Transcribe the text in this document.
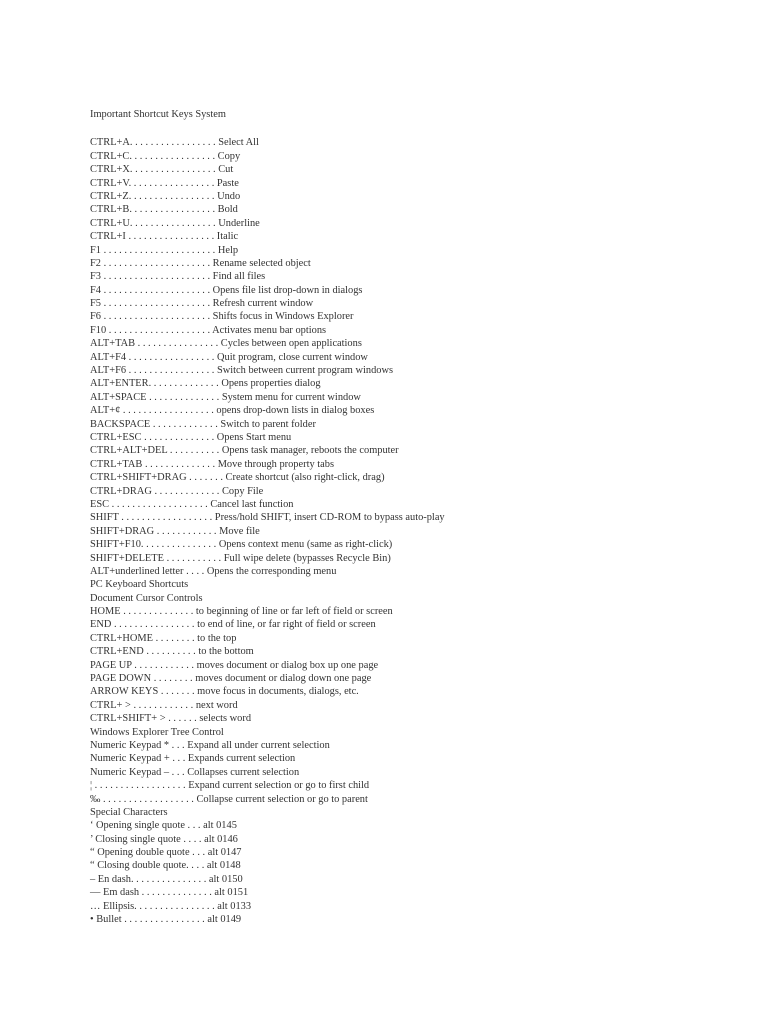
Important Shortcut Keys System
CTRL+A. . . . . . . . . . . . . . . . . Select All
CTRL+C. . . . . . . . . . . . . . . . . Copy
CTRL+X. . . . . . . . . . . . . . . . . Cut
CTRL+V. . . . . . . . . . . . . . . . . Paste
CTRL+Z. . . . . . . . . . . . . . . . . Undo
CTRL+B. . . . . . . . . . . . . . . . . Bold
CTRL+U. . . . . . . . . . . . . . . . . Underline
CTRL+I . . . . . . . . . . . . . . . . . Italic
F1 . . . . . . . . . . . . . . . . . . . . . . Help
F2 . . . . . . . . . . . . . . . . . . . . . Rename selected object
F3 . . . . . . . . . . . . . . . . . . . . . Find all files
F4 . . . . . . . . . . . . . . . . . . . . . Opens file list drop-down in dialogs
F5 . . . . . . . . . . . . . . . . . . . . . Refresh current window
F6 . . . . . . . . . . . . . . . . . . . . . Shifts focus in Windows Explorer
F10 . . . . . . . . . . . . . . . . . . . . Activates menu bar options
ALT+TAB . . . . . . . . . . . . . . . . Cycles between open applications
ALT+F4 . . . . . . . . . . . . . . . . . Quit program, close current window
ALT+F6 . . . . . . . . . . . . . . . . . Switch between current program windows
ALT+ENTER. . . . . . . . . . . . . . Opens properties dialog
ALT+SPACE . . . . . . . . . . . . . . System menu for current window
ALT+¢ . . . . . . . . . . . . . . . . . . opens drop-down lists in dialog boxes
BACKSPACE . . . . . . . . . . . . . Switch to parent folder
CTRL+ESC . . . . . . . . . . . . . . Opens Start menu
CTRL+ALT+DEL . . . . . . . . . . Opens task manager, reboots the computer
CTRL+TAB . . . . . . . . . . . . . . Move through property tabs
CTRL+SHIFT+DRAG . . . . . . . Create shortcut (also right-click, drag)
CTRL+DRAG . . . . . . . . . . . . . Copy File
ESC . . . . . . . . . . . . . . . . . . . Cancel last function
SHIFT . . . . . . . . . . . . . . . . . . Press/hold SHIFT, insert CD-ROM to bypass auto-play
SHIFT+DRAG . . . . . . . . . . . . Move file
SHIFT+F10. . . . . . . . . . . . . . . Opens context menu (same as right-click)
SHIFT+DELETE . . . . . . . . . . . Full wipe delete (bypasses Recycle Bin)
ALT+underlined letter . . . . Opens the corresponding menu
PC Keyboard Shortcuts
Document Cursor Controls
HOME . . . . . . . . . . . . . . to beginning of line or far left of field or screen
END . . . . . . . . . . . . . . . . to end of line, or far right of field or screen
CTRL+HOME . . . . . . . . to the top
CTRL+END . . . . . . . . . . to the bottom
PAGE UP . . . . . . . . . . . . moves document or dialog box up one page
PAGE DOWN . . . . . . . . moves document or dialog down one page
ARROW KEYS . . . . . . . move focus in documents, dialogs, etc.
CTRL+ > . . . . . . . . . . . . next word
CTRL+SHIFT+ > . . . . . . selects word
Windows Explorer Tree Control
Numeric Keypad * . . . Expand all under current selection
Numeric Keypad + . . . Expands current selection
Numeric Keypad – . . . Collapses current selection
¦ . . . . . . . . . . . . . . . . . . Expand current selection or go to first child
‰ . . . . . . . . . . . . . . . . . . Collapse current selection or go to parent
Special Characters
‘ Opening single quote . . . alt 0145
’ Closing single quote . . . . alt 0146
“ Opening double quote . . . alt 0147
“ Closing double quote. . . . alt 0148
– En dash. . . . . . . . . . . . . . . alt 0150
— Em dash . . . . . . . . . . . . . . alt 0151
… Ellipsis. . . . . . . . . . . . . . . . alt 0133
• Bullet . . . . . . . . . . . . . . . . alt 0149
